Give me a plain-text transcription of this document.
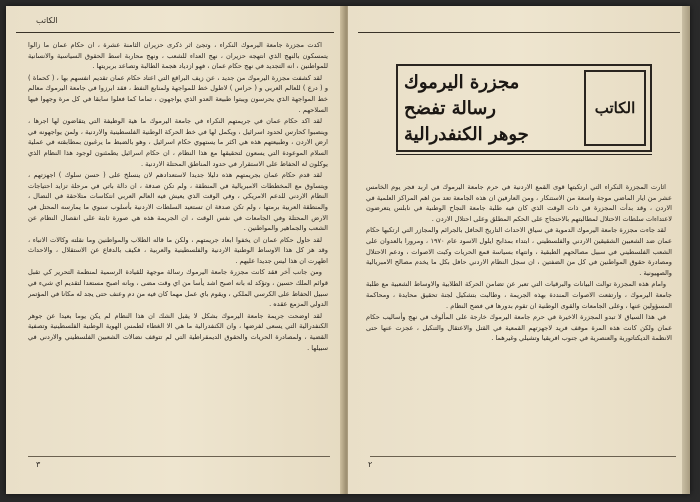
الكاتب

اكدت مجزرة جامعة اليرموك النكراء ، وتجئ اثر ذكرى حزيران الثامنة عشرة ، ان حكام عمان ما زالوا يتمسكون بالنهج الذي انتهجه حزيران ، نهج العداء للشعب ، ونهج محاربة اسط الحقوق السياسية والانسانية للمواطنين ، انه التجديد في نهج حكام عمان ، فهو ازدياد هجمة الطالبة وتصاعد بربريتها .

لقد كشفت مجزرة اليرموك من جديد ، عن زيف البراقع التي اعتاد حكام عمان تقديم انفسهم بها ، ( كحماة ) و ( درع ) للعالم العربي و ( حراس ) لاطول خط للمواجهة ولمنابع النفط ، فقد ابرزوا في جامعة اليرموك معالم خط المواجهة الذي يحرسون ويبتوا طبيعة العدو الذي يواجهون ، تماما كما فعلوا سابقا في كل مرة وجهوا فيها السلاحهم .

لقد اكد حكام عمان في جريمتهم النكراء في جامعة اليرموك ما هية الوظيفة التي يتقاضون لها اجرها ، وينصبوا كحارس لحدود اسرائيل ، ويكمل لها في خط الحركة الوطنية الفلسطينية والاردنية ، ولمن يواجهونه في ارض الاردن ، وطبيعتهم هذه هي اكثر ما يستهوي حكام اسرائيل ، وهو بالضبط ما يرغبون بمطابقته في عملية السلام الموعودة التي يسعون لتحقيقها مع هذا النظام ، ان حكام اسرائيل يطمئنون لوجود هذا النظام الذي يوكلون له الحفاظ على الاستقرار في حدود المناطق المحتلة الاردنية .

لقد قدم حكام عمان بجريمتهم هذه دليلا جديدا لاستعدادهم لان ينسلخ على ( حسن سلوك ) اجهزتهم ، ويتساوق مع المخططات الامبريالية في المنطقة ، ولم تكن صدفة ، ان دالة باتي في مرحلة تزايد احتياجات النظام الاردني للدعم الامريكي ، وفي الوقت الذي يعيش فيه العالم العربي انتكاسات متلاحقة في النضال ، والمنطقة العربية برمتها ، ولم تكن صدفة ان تستعيد السلطات الاردنية بأسلوب سنوي ما يمارسه المحتل في الارض المحتلة وفي الجامعات في نفس الوقت ، ان الجريمة هذه هي صورة ثابتة على انفصال النظام عن الشعب والجماهير والمواطنين .

لقد حاول حكام عمان ان يخفوا ابعاد جريمتهم ، ولكن ما قاله الطلاب والمواطنين وما نقلته وكالات الانباء ، وقد هز كل هذا الاوساط الوطنية الاردنية والفلسطينية والعربية ، فكيف بالدفاع عن الاستقلال ، والاحداث اظهرت ان هذا ليس جديدا عليهم .

ومن جانب آخر فقد كانت مجزرة جامعة اليرموك رسالة موجهة للقيادة الرسمية لمنظمة التحرير كي تقبل قوائم الملك حسين ، وتؤكد له بانه اصبح اشد يأسا من اي وقت مضى ، وبانه اصبح مستعدا لتقديم اي شيء في سبيل الحفاظ على الكرسي الملكي ، ويقوم باي عمل مهما كان فيه من دم وعنف حتى يجد له مكانا في المؤتمر الدولي المزمع عقده .

لقد اوضحت جريمة جامعة اليرموك بشكل لا يقبل الشك ان هذا النظام لم يكن يوما بعيدا عن جوهر الكنفدرالية التي يسعى لفرضها ، وان الكنفدرالية ما هي الا الغطاء لطمس الهوية الوطنية الفلسطينية وتصفية القضية ، ولمصادرة الحريات والحقوق الديمقراطية التي لم تتوقف نضالات الشعبين الفلسطيني والاردني في سبيلها .

٣
الكاتب
مجزرة اليرموك
رسالة تفضح
جوهر الكنفدرالية

اثارت المجزرة النكراء التي ارتكبتها قوى القمع الاردنية في حرم جامعة اليرموك في اربد فجر يوم الخامس عشر من ايار الماضي موجة واسعة من الاستنكار ، ومن العارفين ان هذه الجامعة تعد من اهم المراكز العلمية في الاردن ، وقد بدأت المجزرة في ذات الوقت الذي كان فيه طلبة جامعة النجاح الوطنية في نابلس يتعرضون لاعتداءات سلطات الاحتلال لمطالبتهم بالاحتجاج على الحكم المطلق وعلى احتلال الاردن .

لقد جاءت مجزرة جامعة اليرموك الدموية في سياق الاحداث التاريخ الحافل بالجرائم والمجازر التي ارتكبها حكام عمان ضد الشعبين الشقيقين الاردني والفلسطيني ، ابتداء بمذابح ايلول الاسود عام ١٩٧٠ ، ومرورا بالعدوان على الشعب الفلسطيني في سبيل مصالحهم الطبقية ، وانتهاء بسياسة قمع الحريات وكبت الاصوات ، ودعم الاحتلال ومصادرة حقوق المواطنين في كل من الضفتين ، ان سجل النظام الاردني حافل بكل ما يخدم مصالح الامبريالية والصهيونية .

وامام هذه المجزرة توالت البيانات والبرقيات التي تعبر عن تضامن الحركة الطلابية والاوساط الشعبية مع طلبة جامعة اليرموك ، وارتفعت الاصوات المنددة بهذه الجريمة ، وطالبت بتشكيل لجنة تحقيق محايدة ، ومحاكمة المسؤولين عنها ، وعلى الجامعات والقوى الوطنية ان تقوم بدورها في فضح النظام .

في هذا السياق لا تبدو المجزرة الاخيرة في حرم جامعة اليرموك خارجة على المألوف في نهج وأساليب حكام عمان ولكن كانت هذه المرة موقف فريد لاجهزتهم القمعية في القتل والاعتقال والتنكيل ، عجزت عنها حتى الانظمة الديكتاتورية والعنصرية في جنوب افريقيا وتشيلي وغيرهما .

٢
